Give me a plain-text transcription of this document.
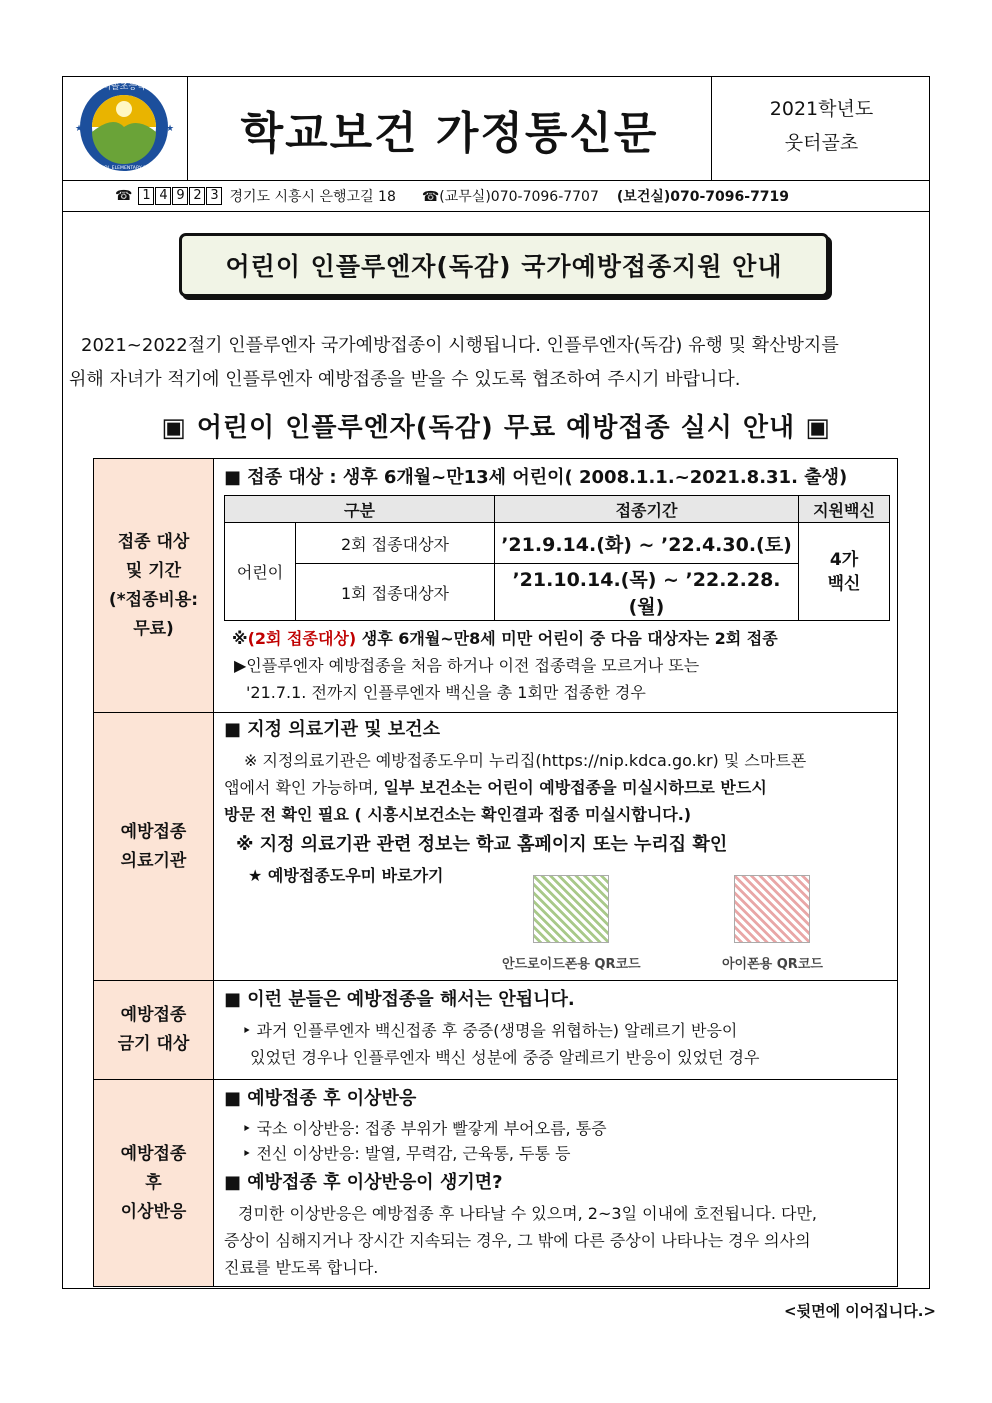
웃터골초등학교
UTTERGOL ELEMENTARY SCHOOL
★	★	학교보건 가정통신문	2021학년도
웃터골초
☎ 1 4 9 2 3 경기도 시흥시 은행고길 18 ☎(교무실)070-7096-7707 (보건실)070-7096-7719
어린이 인플루엔자(독감) 국가예방접종지원 안내

2021~2022절기 인플루엔자 국가예방접종이 시행됩니다. 인플루엔자(독감) 유행 및 확산방지를

위해 자녀가 적기에 인플루엔자 예방접종을 받을 수 있도록 협조하여 주시기 바랍니다.

▣ 어린이 인플루엔자(독감) 무료 예방접종 실시 안내 ▣
접종 대상
및 기간
(*접종비용:
무료)
■ 접종 대상 : 생후 6개월~만13세 어린이( 2008.1.1.~2021.8.31. 출생)
구분		접종기간	지원백신
어린이	2회 접종대상자	’21.9.14.(화) ~ ’22.4.30.(토)	4가
백신
	1회 접종대상자	’21.10.14.(목) ~ ’22.2.28.(월)	
※(2회 접종대상) 생후 6개월~만8세 미만 어린이 중 다음 대상자는 2회 접종
▶인플루엔자 예방접종을 처음 하거나 이전 접종력을 모르거나 또는
'21.7.1. 전까지 인플루엔자 백신을 총 1회만 접종한 경우
예방접종
의료기관
■ 지정 의료기관 및 보건소
※ 지정의료기관은 예방접종도우미 누리집(https://nip.kdca.go.kr) 및 스마트폰
앱에서 확인 가능하며, 일부 보건소는 어린이 예방접종을 미실시하므로 반드시
방문 전 확인 필요 ( 시흥시보건소는 확인결과 접종 미실시합니다.)
※ 지정 의료기관 관련 정보는 학교 홈페이지 또는 누리집 확인
★ 예방접종도우미 바로가기
안드로이드폰용 QR코드	아이폰용 QR코드
예방접종
금기 대상
■ 이런 분들은 예방접종을 해서는 안됩니다.
‣ 과거 인플루엔자 백신접종 후 중증(생명을 위협하는) 알레르기 반응이
있었던 경우나 인플루엔자 백신 성분에 중증 알레르기 반응이 있었던 경우
예방접종
후
이상반응
■ 예방접종 후 이상반응
‣ 국소 이상반응: 접종 부위가 빨갛게 부어오름, 통증
‣ 전신 이상반응: 발열, 무력감, 근육통, 두통 등
■ 예방접종 후 이상반응이 생기면?
경미한 이상반응은 예방접종 후 나타날 수 있으며, 2~3일 이내에 호전됩니다. 다만,
증상이 심해지거나 장시간 지속되는 경우, 그 밖에 다른 증상이 나타나는 경우 의사의
진료를 받도록 합니다.
<뒷면에 이어집니다.>
